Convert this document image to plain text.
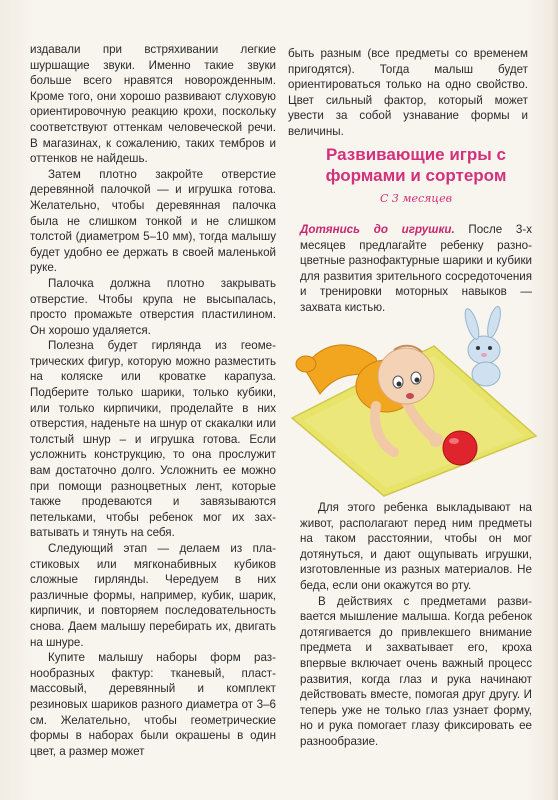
издавали при встряхивании легкие шуршащие звуки. Именно такие звуки больше всего нравятся новорожденным. Кроме того, они хорошо развивают слуховую ориентировочную реакцию крохи, поскольку соответствуют оттенкам человеческой речи. В магазинах, к сожалению, таких тембров и оттенков не найдешь.

Затем плотно закройте отверстие деревянной палочкой — и игрушка готова. Желательно, чтобы деревянная палочка была не слишком тонкой и не слишком толстой (диаметром 5–10 мм), тогда малышу будет удобно ее держать в своей маленькой руке.

Палочка должна плотно закрывать отверстие. Чтобы крупа не высыпалась, просто промажьте отверстия пластилином. Он хорошо удаляется.

Полезна будет гирлянда из геометрических фигур, которую можно разместить на коляске или кроватке карапуза. Подберите только шарики, только кубики, или только кирпичики, проделайте в них отверстия, наденьте на шнур от скакалки или толстый шнур – и игрушка готова. Если усложнить конструкцию, то она прослужит вам достаточно долго. Усложнить ее можно при помощи разноцветных лент, которые также продеваются и завязываются петельками, чтобы ребенок мог их захватывать и тянуть на себя.

Следующий этап — делаем из пластиковых или мягконабивных кубиков сложные гирлянды. Чередуем в них различные формы, например, кубик, шарик, кирпичик, и повторяем последовательность снова. Даем малышу перебирать их, двигать на шнуре.

Купите малышу наборы форм разнообразных фактур: тканевый, пластмассовый, деревянный и комплект резиновых шариков разного диаметра от 3–6 см. Желательно, чтобы геометрические формы в наборах были окрашены в один цвет, а размер может

быть разным (все предметы со временем пригодятся). Тогда малыш будет ориентироваться только на одно свойство. Цвет сильный фактор, который может увести за собой узнавание формы и величины.

Развивающие игры с формами и сортером
С 3 месяцев
Дотянись до игрушки. После 3-х месяцев предлагайте ребенку разноцветные разнофактурные шарики и кубики для развития зрительного сосредоточения и тренировки моторных навыков — захвата кистью.

Для этого ребенка выкладывают на живот, располагают перед ним предметы на таком расстоянии, чтобы он мог дотянуться, и дают ощупывать игрушки, изготовленные из разных материалов. Не беда, если они окажутся во рту.

В действиях с предметами развивается мышление малыша. Когда ребенок дотягивается до привлекшего внимание предмета и захватывает его, кроха впервые включает очень важный процесс развития, когда глаз и рука начинают действовать вместе, помогая друг другу. И теперь уже не только глаз узнает форму, но и рука помогает глазу фиксировать ее разнообразие.
